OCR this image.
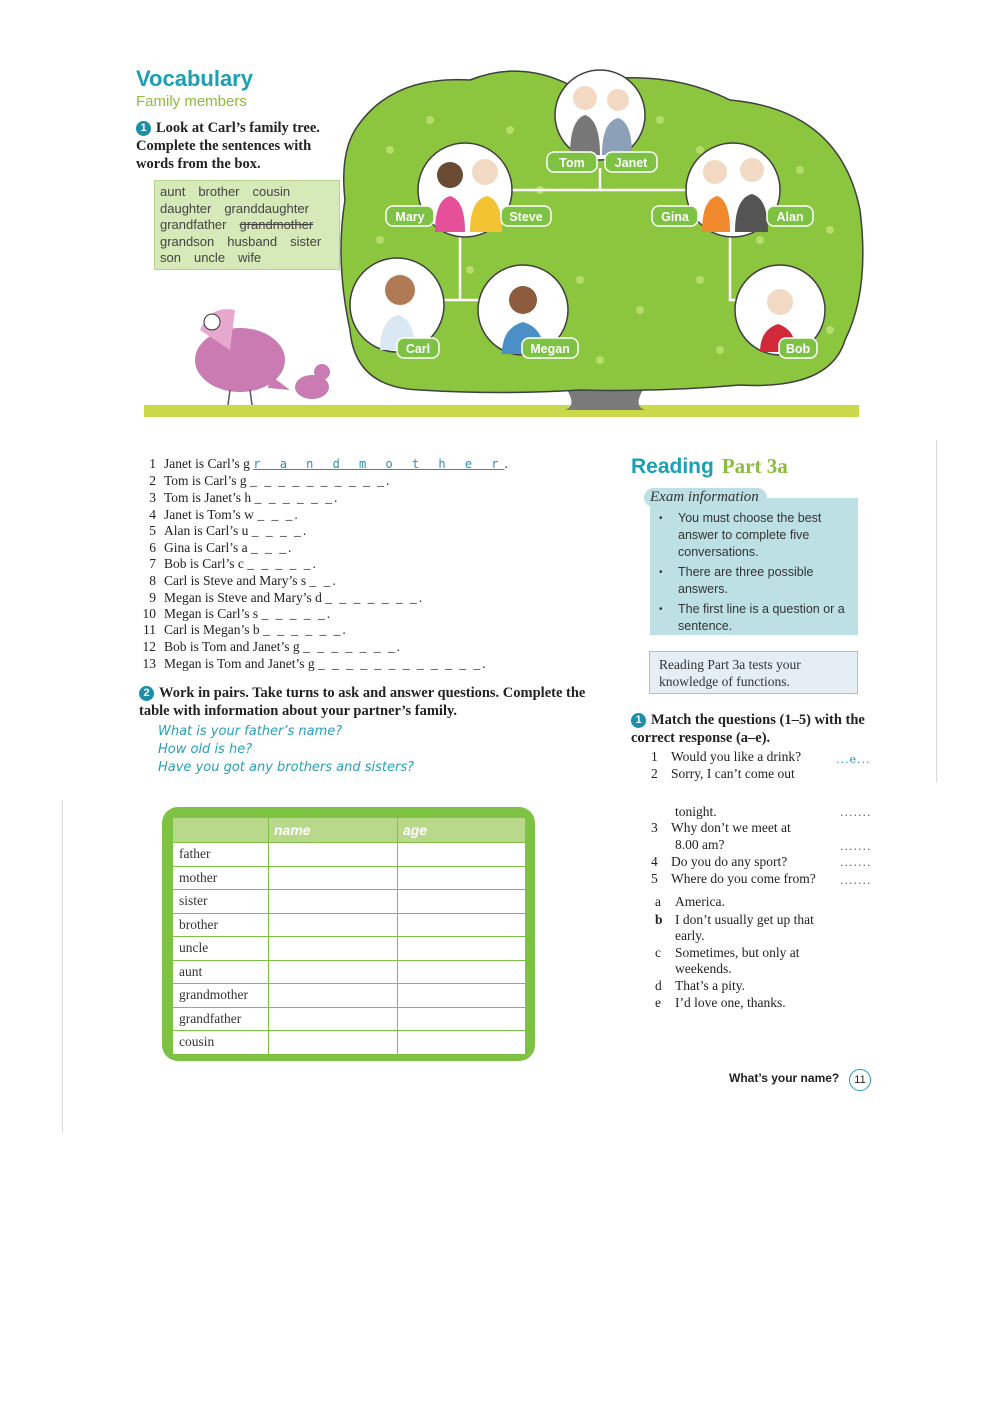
Vocabulary
Family members
1 Look at Carl’s family tree. Complete the sentences with words from the box.
aunt brother cousin
daughter granddaughter
grandfather grandmother
grandson husband sister
son uncle wife
Tom Janet
Mary	Steve	Gina	Alan
Carl	Megan	Bob
1 Janet is Carl’s g r a n d m o t h e r.
2 Tom is Carl’s g _ _ _ _ _ _ _ _ _ _.
3 Tom is Janet’s h _ _ _ _ _ _.
4 Janet is Tom’s w _ _ _.
5 Alan is Carl’s u _ _ _ _.
6 Gina is Carl’s a _ _ _.
7 Bob is Carl’s c _ _ _ _ _.
8 Carl is Steve and Mary’s s _ _.
9 Megan is Steve and Mary’s d _ _ _ _ _ _ _.
10 Megan is Carl’s s _ _ _ _ _.
11 Carl is Megan’s b _ _ _ _ _ _.
12 Bob is Tom and Janet’s g _ _ _ _ _ _ _.
13 Megan is Tom and Janet’s g _ _ _ _ _ _ _ _ _ _ _ _.
2 Work in pairs. Take turns to ask and answer questions. Complete the table with information about your partner’s family.
What is your father’s name?
How old is he?
Have you got any brothers and sisters?
	name	age
father		
mother		
sister		
brother		
uncle		
aunt		
grandmother		
grandfather		
cousin		
Reading Part 3a
• You must choose the best answer to complete five conversations.
• There are three possible answers.
• The first line is a question or a sentence.
Exam information
Reading Part 3a tests your knowledge of functions.
1 Match the questions (1–5) with the correct response (a–e).
1 Would you like a drink?	...e...
2 Sorry, I can’t come out
tonight.	.......
3 Why don’t we meet at
8.00 am?	.......
4 Do you do any sport?	.......
5 Where do you come from? .......
a America.
b I don’t usually get up that
early.
c Sometimes, but only at
weekends.
d That’s a pity.
e I’d love one, thanks.
What’s your name?	11
